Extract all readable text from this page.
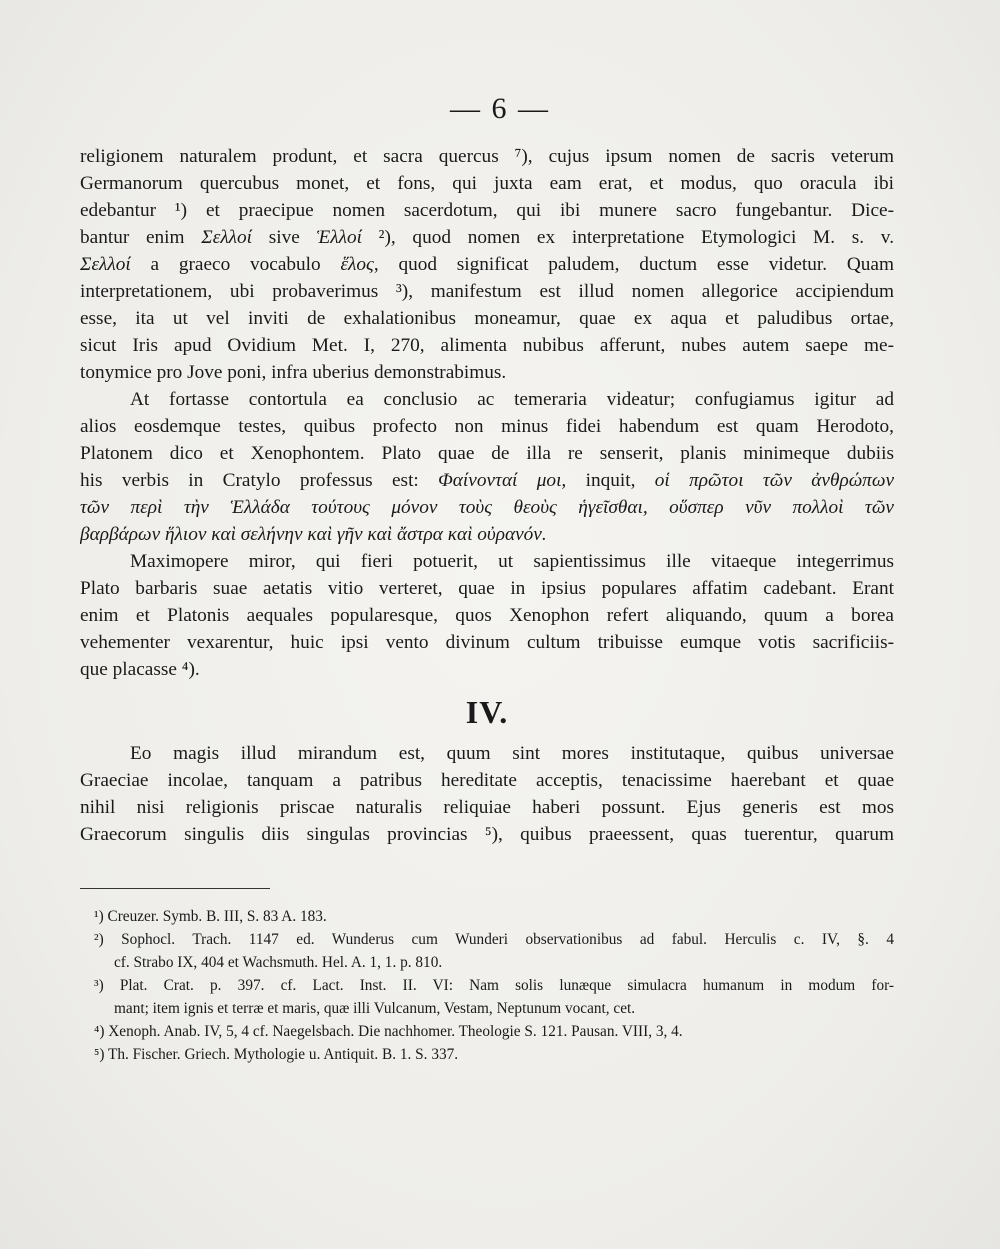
— 6 —
religionem naturalem produnt, et sacra quercus ⁷), cujus ipsum nomen de sacris veterum
Germanorum quercubus monet, et fons, qui juxta eam erat, et modus, quo oracula ibi
edebantur ¹) et praecipue nomen sacerdotum, qui ibi munere sacro fungebantur. Dice-
bantur enim Σελλοί sive Ἑλλοί ²), quod nomen ex interpretatione Etymologici M. s. v.
Σελλοί a graeco vocabulo ἕλος, quod significat paludem, ductum esse videtur. Quam
interpretationem, ubi probaverimus ³), manifestum est illud nomen allegorice accipiendum
esse, ita ut vel inviti de exhalationibus moneamur, quae ex aqua et paludibus ortae,
sicut Iris apud Ovidium Met. I, 270, alimenta nubibus afferunt, nubes autem saepe me-
tonymice pro Jove poni, infra uberius demonstrabimus.
At fortasse contortula ea conclusio ac temeraria videatur; confugiamus igitur ad
alios eosdemque testes, quibus profecto non minus fidei habendum est quam Herodoto,
Platonem dico et Xenophontem. Plato quae de illa re senserit, planis minimeque dubiis
his verbis in Cratylo professus est: Φαίνονταί μοι, inquit, οἱ πρῶτοι τῶν ἀνθρώπων
τῶν περὶ τὴν Ἑλλάδα τούτους μόνον τοὺς θεοὺς ἡγεῖσθαι, οὕσπερ νῦν πολλοὶ τῶν
βαρβάρων ἥλιον καὶ σελήνην καὶ γῆν καὶ ἄστρα καὶ οὐρανόν.
Maximopere miror, qui fieri potuerit, ut sapientissimus ille vitaeque integerrimus
Plato barbaris suae aetatis vitio verteret, quae in ipsius populares affatim cadebant. Erant
enim et Platonis aequales popularesque, quos Xenophon refert aliquando, quum a borea
vehementer vexarentur, huic ipsi vento divinum cultum tribuisse eumque votis sacrificiis-
que placasse ⁴).
IV.
Eo magis illud mirandum est, quum sint mores institutaque, quibus universae
Graeciae incolae, tanquam a patribus hereditate acceptis, tenacissime haerebant et quae
nihil nisi religionis priscae naturalis reliquiae haberi possunt. Ejus generis est mos
Graecorum singulis diis singulas provincias ⁵), quibus praeessent, quas tuerentur, quarum
¹) Creuzer. Symb. B. III, S. 83 A. 183.
²) Sophocl. Trach. 1147 ed. Wunderus cum Wunderi observationibus ad fabul. Herculis c. IV, §. 4
cf. Strabo IX, 404 et Wachsmuth. Hel. A. 1, 1. p. 810.
³) Plat. Crat. p. 397. cf. Lact. Inst. II. VI: Nam solis lunæque simulacra humanum in modum for-
mant; item ignis et terræ et maris, quæ illi Vulcanum, Vestam, Neptunum vocant, cet.
⁴) Xenoph. Anab. IV, 5, 4 cf. Naegelsbach. Die nachhomer. Theologie S. 121. Pausan. VIII, 3, 4.
⁵) Th. Fischer. Griech. Mythologie u. Antiquit. B. 1. S. 337.
